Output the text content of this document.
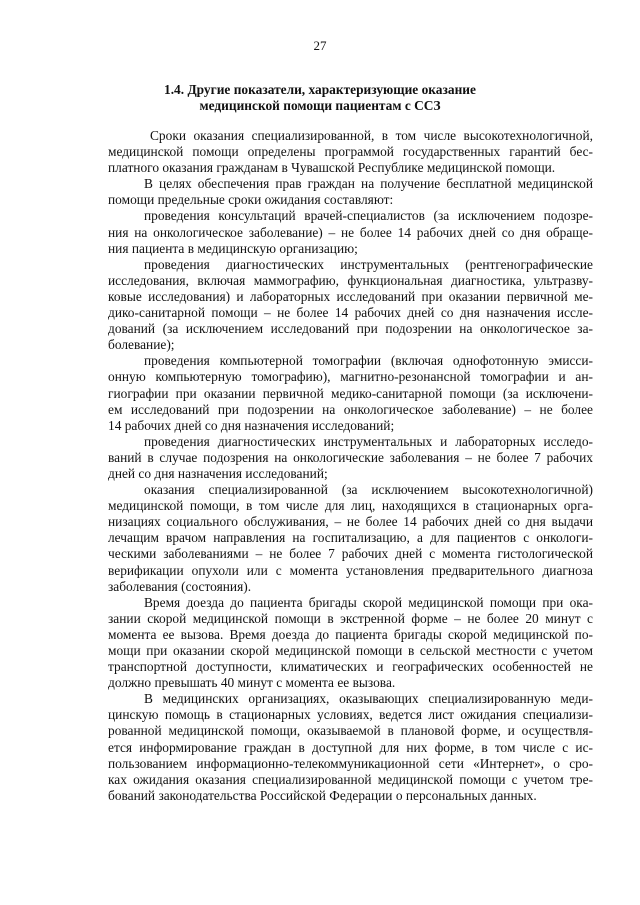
27
1.4. Другие показатели, характеризующие оказание
медицинской помощи пациентам с ССЗ
Сроки оказания специализированной, в том числе высокотехнологичной,
медицинской помощи определены программой государственных гарантий бес-
платного оказания гражданам в Чувашской Республике медицинской помощи.
В целях обеспечения прав граждан на получение бесплатной медицинской
помощи предельные сроки ожидания составляют:
проведения консультаций врачей-специалистов (за исключением подозре-
ния на онкологическое заболевание) – не более 14 рабочих дней со дня обраще-
ния пациента в медицинскую организацию;
проведения диагностических инструментальных (рентгенографические
исследования, включая маммографию, функциональная диагностика, ультразву-
ковые исследования) и лабораторных исследований при оказании первичной ме-
дико-санитарной помощи – не более 14 рабочих дней со дня назначения иссле-
дований (за исключением исследований при подозрении на онкологическое за-
болевание);
проведения компьютерной томографии (включая однофотонную эмисси-
онную компьютерную томографию), магнитно-резонансной томографии и ан-
гиографии при оказании первичной медико-санитарной помощи (за исключени-
ем исследований при подозрении на онкологическое заболевание) – не более
14 рабочих дней со дня назначения исследований;
проведения диагностических инструментальных и лабораторных исследо-
ваний в случае подозрения на онкологические заболевания – не более 7 рабочих
дней со дня назначения исследований;
оказания специализированной (за исключением высокотехнологичной)
медицинской помощи, в том числе для лиц, находящихся в стационарных орга-
низациях социального обслуживания, – не более 14 рабочих дней со дня выдачи
лечащим врачом направления на госпитализацию, а для пациентов с онкологи-
ческими заболеваниями – не более 7 рабочих дней с момента гистологической
верификации опухоли или с момента установления предварительного диагноза
заболевания (состояния).
Время доезда до пациента бригады скорой медицинской помощи при ока-
зании скорой медицинской помощи в экстренной форме – не более 20 минут с
момента ее вызова. Время доезда до пациента бригады скорой медицинской по-
мощи при оказании скорой медицинской помощи в сельской местности с учетом
транспортной доступности, климатических и географических особенностей не
должно превышать 40 минут с момента ее вызова.
В медицинских организациях, оказывающих специализированную меди-
цинскую помощь в стационарных условиях, ведется лист ожидания специализи-
рованной медицинской помощи, оказываемой в плановой форме, и осуществля-
ется информирование граждан в доступной для них форме, в том числе с ис-
пользованием информационно-телекоммуникационной сети «Интернет», о сро-
ках ожидания оказания специализированной медицинской помощи с учетом тре-
бований законодательства Российской Федерации о персональных данных.
